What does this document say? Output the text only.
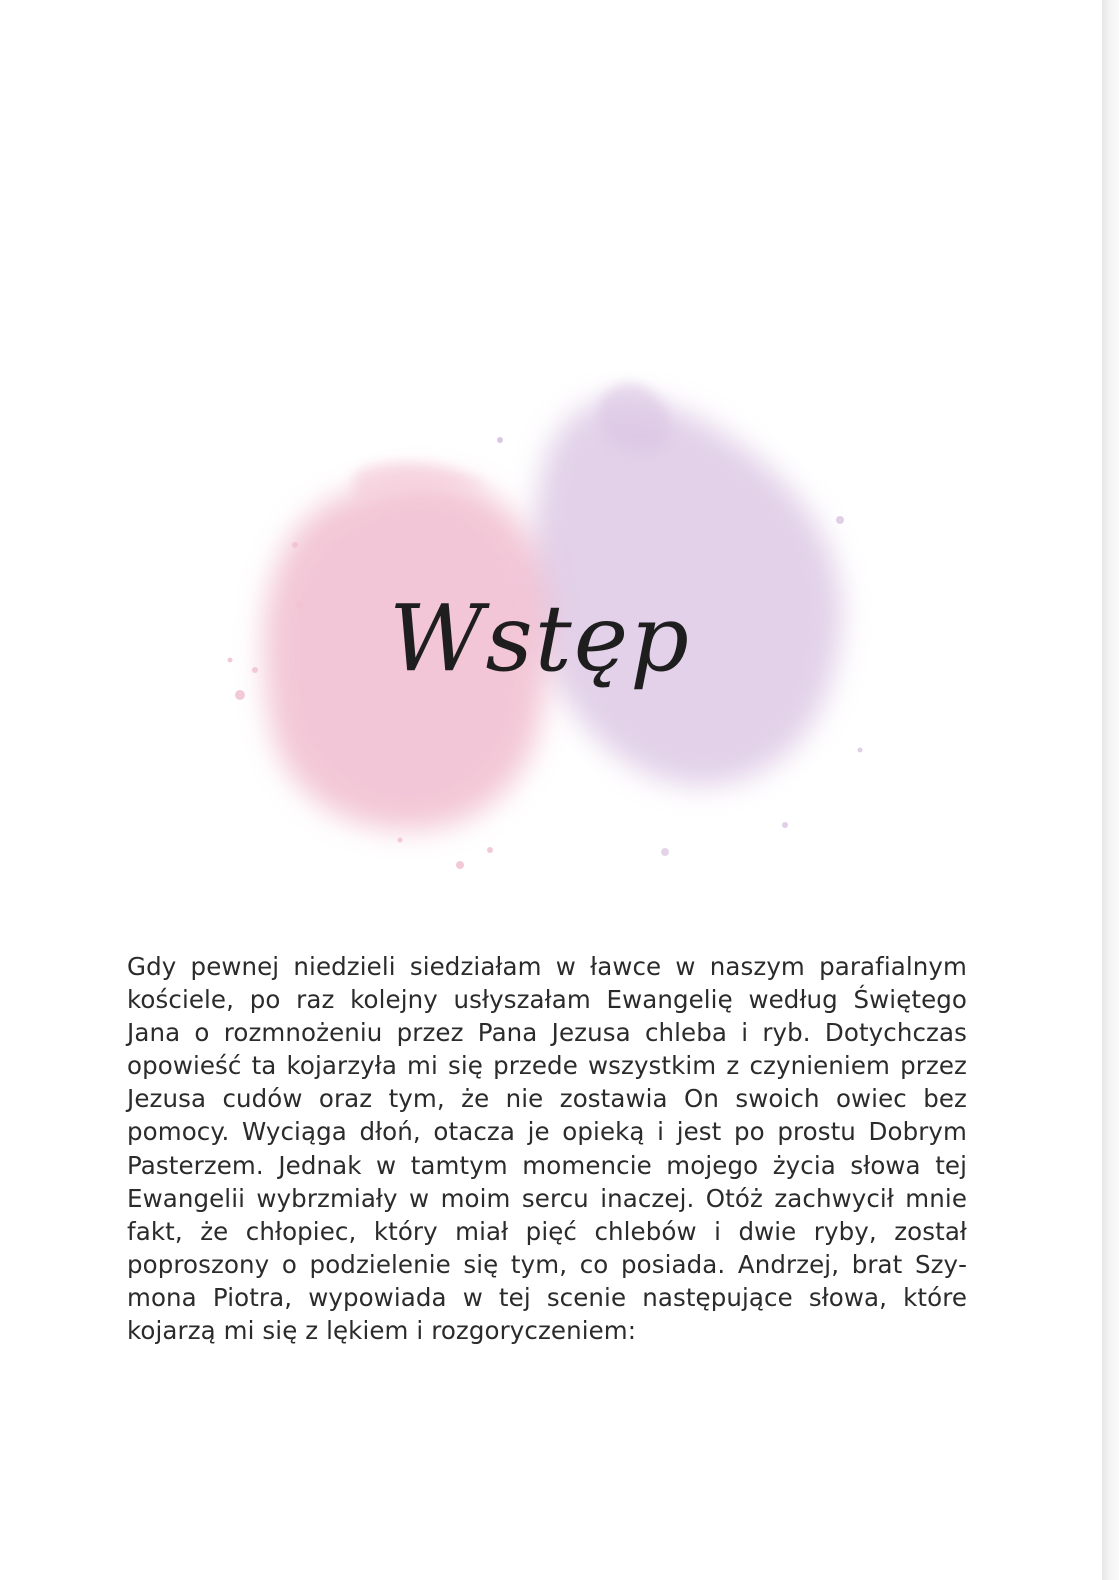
Wstęp

Gdy pewnej niedzieli siedziałam w ławce w naszym parafialnym kościele, po raz kolejny usłyszałam Ewangelię według Świętego Jana o rozmnożeniu przez Pana Jezusa chleba i ryb. Dotychczas opowieść ta kojarzyła mi się przede wszystkim z czynieniem przez Jezusa cudów oraz tym, że nie zostawia On swoich owiec bez pomocy. Wyciąga dłoń, otacza je opieką i jest po prostu Dobrym Pasterzem. Jednak w tamtym momencie mojego życia słowa tej Ewangelii wybrzmiały w moim sercu inaczej. Otóż zachwycił mnie fakt, że chłopiec, który miał pięć chlebów i dwie ryby, został poproszony o podzielenie się tym, co posiada. Andrzej, brat Szymona Piotra, wypowiada w tej scenie następujące słowa, które kojarzą mi się z lękiem i rozgoryczeniem:
